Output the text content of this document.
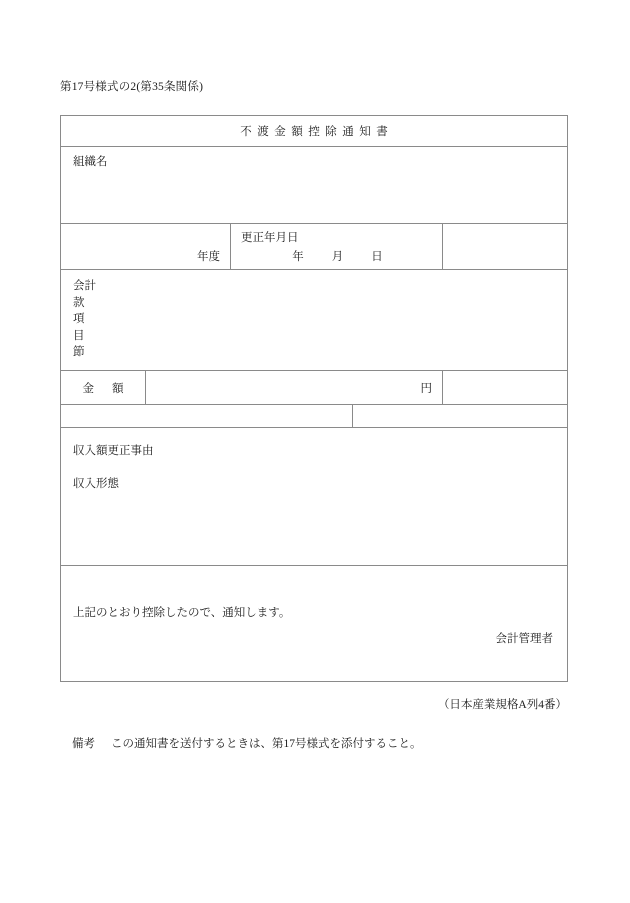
第17号様式の2(第35条関係)
不渡金額控除通知書				

組織名				

年度		更正年月日
年 月 日		

会計
款
項
目
節				

金 額	円			

収入額更正事由
収入形態				

上記のとおり控除したので、通知します。
会計管理者				
（日本産業規格A列4番）
備考 この通知書を送付するときは、第17号様式を添付すること。
